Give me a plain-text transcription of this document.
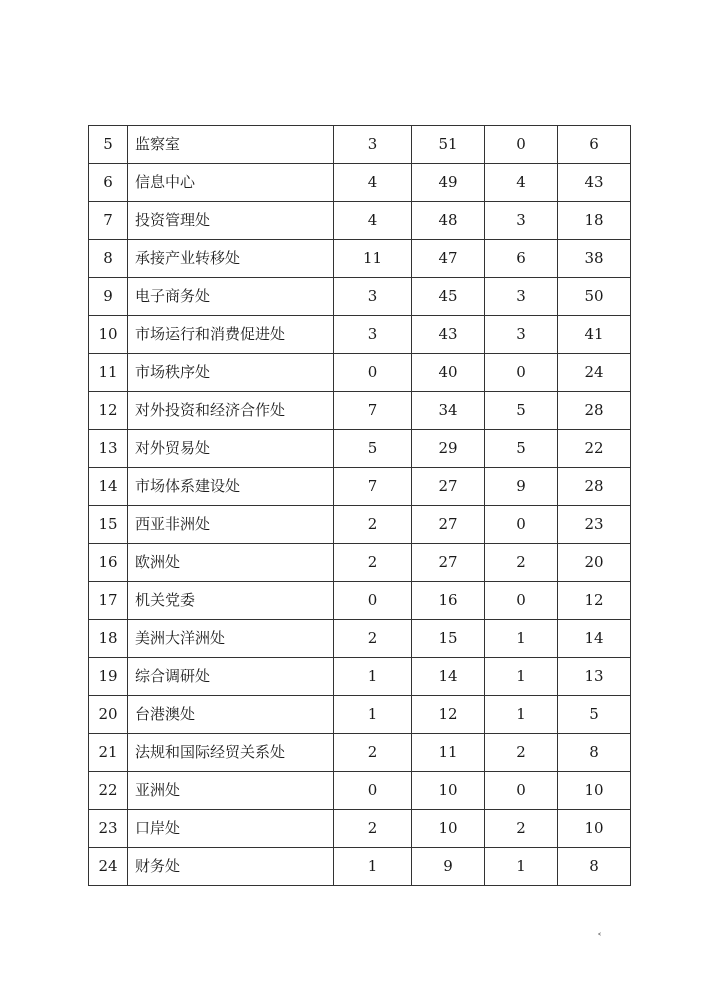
5	监察室	3	51	0	6
6	信息中心	4	49	4	43
7	投资管理处	4	48	3	18
8	承接产业转移处	11	47	6	38
9	电子商务处	3	45	3	50
10	市场运行和消费促进处	3	43	3	41
11	市场秩序处	0	40	0	24
12	对外投资和经济合作处	7	34	5	28
13	对外贸易处	5	29	5	22
14	市场体系建设处	7	27	9	28
15	西亚非洲处	2	27	0	23
16	欧洲处	2	27	2	20
17	机关党委	0	16	0	12
18	美洲大洋洲处	2	15	1	14
19	综合调研处	1	14	1	13
20	台港澳处	1	12	1	5
21	法规和国际经贸关系处	2	11	2	8
22	亚洲处	0	10	0	10
23	口岸处	2	10	2	10
24	财务处	1	9	1	8
˂
